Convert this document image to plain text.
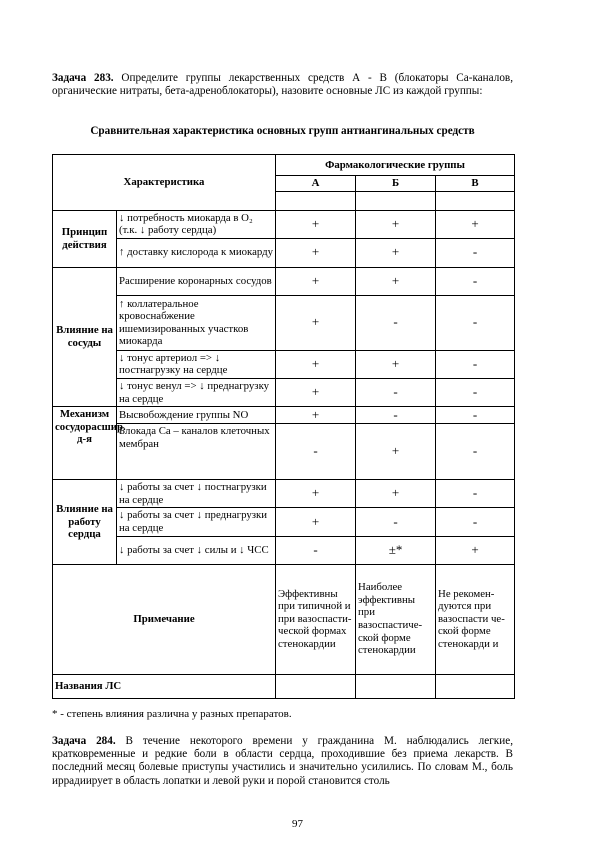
Задача 283. Определите группы лекарственных средств А - В (блокаторы Са-каналов, органические нитраты, бета-адреноблокаторы), назовите основные ЛС из каждой группы:
Сравнительная характеристика основных групп антиангинальных средств
Характеристика		Фармакологические группы		
		А	Б	В

Принцип действия	↓ потребность миокарда в O₂ (т.к. ↓ работу сердца)	+	+	+
	↑ доставку кислорода к миокарду	+	+	-
Влияние на сосуды	Расширение коронарных сосудов	+	+	-
	↑ коллатеральное кровоснабжение ишемизированных участков миокарда	+	-	-
	↓ тонус артериол => ↓ постнагрузку на сердце	+	+	-
	↓ тонус венул => ↓ преднагрузку на сердце	+	-	-
Механизм сосудорасшир. д-я	Высвобождение группы NO	+	-	-
	Блокада Са – каналов клеточных мембран	-	+	-
Влияние на работу сердца	↓ работы за счет ↓ постнагрузки на сердце	+	+	-
	↓ работы за счет ↓ преднагрузки на сердце	+	-	-
	↓ работы за счет ↓ силы и ↓ ЧСС	-	±*	+
Примечание		Эффективны при типичной и при вазоспасти-ческой формах стенокардии	Наиболее эффективны при вазоспастиче-ской форме стенокардии	Не рекомен-дуются при вазоспасти че-ской форме стенокарди и
Названия ЛС				
* - степень влияния различна у разных препаратов.
Задача 284. В течение некоторого времени у гражданина М. наблюдались легкие, кратковременные и редкие боли в области сердца, проходившие без приема лекарств. В последний месяц болевые приступы участились и значительно усилились. По словам М., боль иррадиирует в область лопатки и левой руки и порой становится столь
97
